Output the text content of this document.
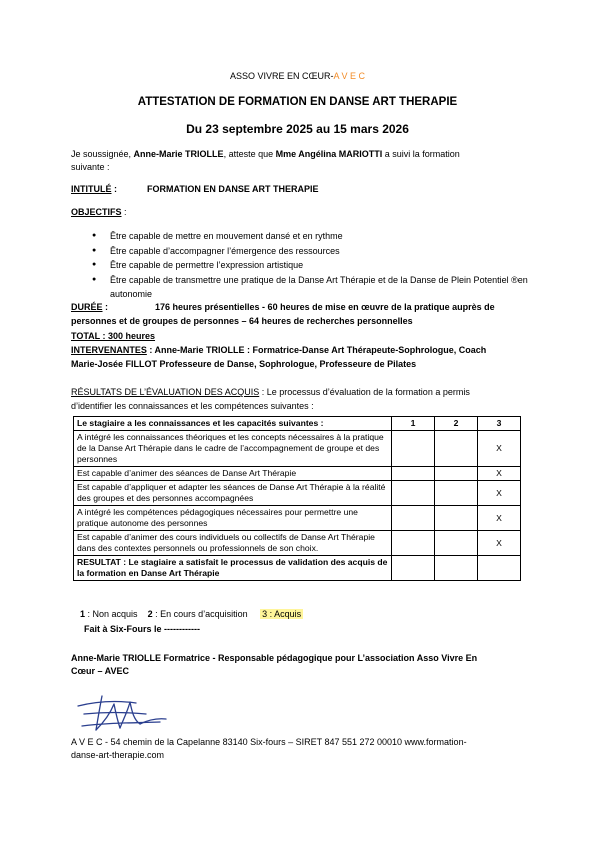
ASSO VIVRE EN CŒUR-A V E C
ATTESTATION DE FORMATION EN DANSE ART THERAPIE
Du 23 septembre 2025 au 15 mars 2026
Je soussignée, Anne-Marie TRIOLLE, atteste que Mme Angélina MARIOTTI a suivi la formation
suivante :
INTITULÉ :	FORMATION EN DANSE ART THERAPIE
OBJECTIFS :
● Être capable de mettre en mouvement dansé et en rythme
● Être capable d’accompagner l’émergence des ressources
● Être capable de permettre l’expression artistique
● Être capable de transmettre une pratique de la Danse Art Thérapie et de la Danse de Plein Potentiel ®en autonomie
DURÉE :	176 heures présentielles - 60 heures de mise en œuvre de la pratique auprès de
personnes et de groupes de personnes – 64 heures de recherches personnelles
TOTAL : 300 heures
INTERVENANTES : Anne-Marie TRIOLLE : Formatrice-Danse Art Thérapeute-Sophrologue, Coach
Marie-Josée FILLOT Professeure de Danse, Sophrologue, Professeure de Pilates
RÉSULTATS DE L’ÉVALUATION DES ACQUIS : Le processus d’évaluation de la formation a permis
d’identifier les connaissances et les compétences suivantes :
Le stagiaire a les connaissances et les capacités suivantes :	1	2	3
A intégré les connaissances théoriques et les concepts nécessaires à la pratique de la Danse Art Thérapie dans le cadre de l’accompagnement de groupe et des personnes			X
Est capable d’animer des séances de Danse Art Thérapie			X
Est capable d’appliquer et adapter les séances de Danse Art Thérapie à la réalité des groupes et des personnes accompagnées			X
A intégré les compétences pédagogiques nécessaires pour permettre une pratique autonome des personnes			X
Est capable d’animer des cours individuels ou collectifs de Danse Art Thérapie dans des contextes personnels ou professionnels de son choix.			X
RESULTAT : Le stagiaire a satisfait le processus de validation des acquis de la formation en Danse Art Thérapie			
1 : Non acquis 2 : En cours d’acquisition 3 : Acquis
Fait à Six-Fours le ------------
Anne-Marie TRIOLLE Formatrice - Responsable pédagogique pour L’association Asso Vivre En
Cœur – AVEC
A V E C - 54 chemin de la Capelanne 83140 Six-fours – SIRET 847 551 272 00010 www.formation-
danse-art-therapie.com
